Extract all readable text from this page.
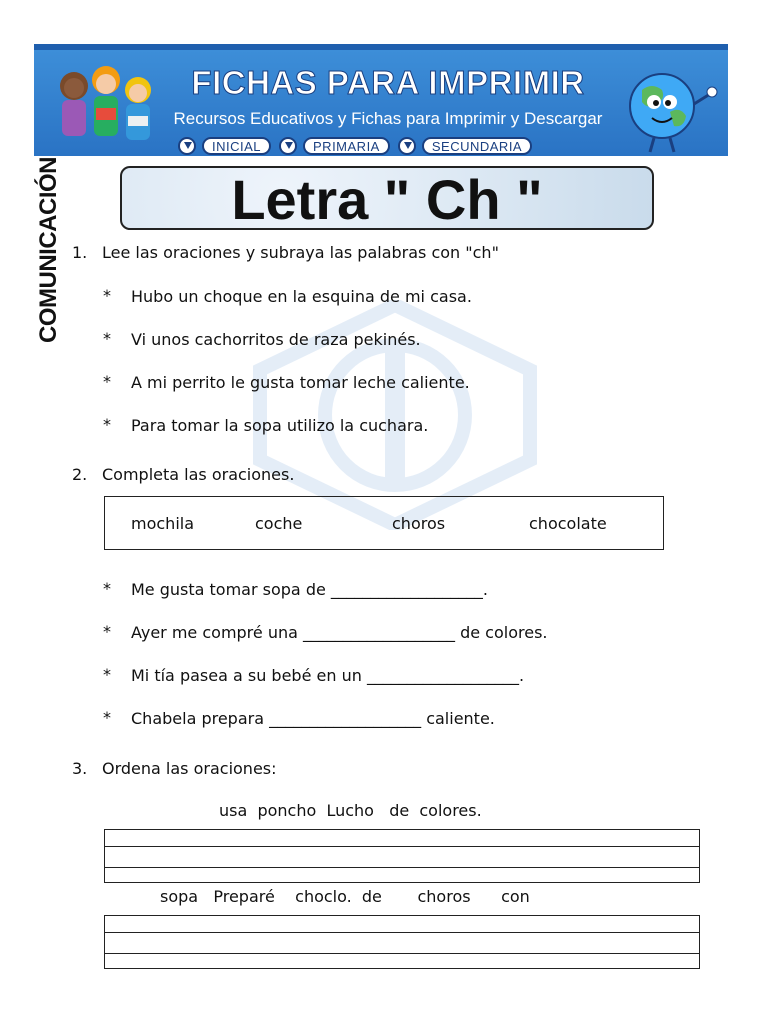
FICHAS PARA IMPRIMIR
Recursos Educativos y Fichas para Imprimir y Descargar
INICIAL	PRIMARIA	SECUNDARIA
COMUNICACIÓN	Letra " Ch "
1. Lee las oraciones y subraya las palabras con "ch"
* Hubo un choque en la esquina de mi casa.
* Vi unos cachorritos de raza pekinés.
* A mi perrito le gusta tomar leche caliente.
* Para tomar la sopa utilizo la cuchara.
2. Completa las oraciones.
mochila	coche	choros	chocolate
* Me gusta tomar sopa de ___________________.
* Ayer me compré una ___________________ de colores.
* Mi tía pasea a su bebé en un ___________________.
* Chabela prepara ___________________ caliente.
3. Ordena las oraciones:
usa  poncho  Lucho   de  colores.
sopa   Preparé    choclo.  de       choros      con
